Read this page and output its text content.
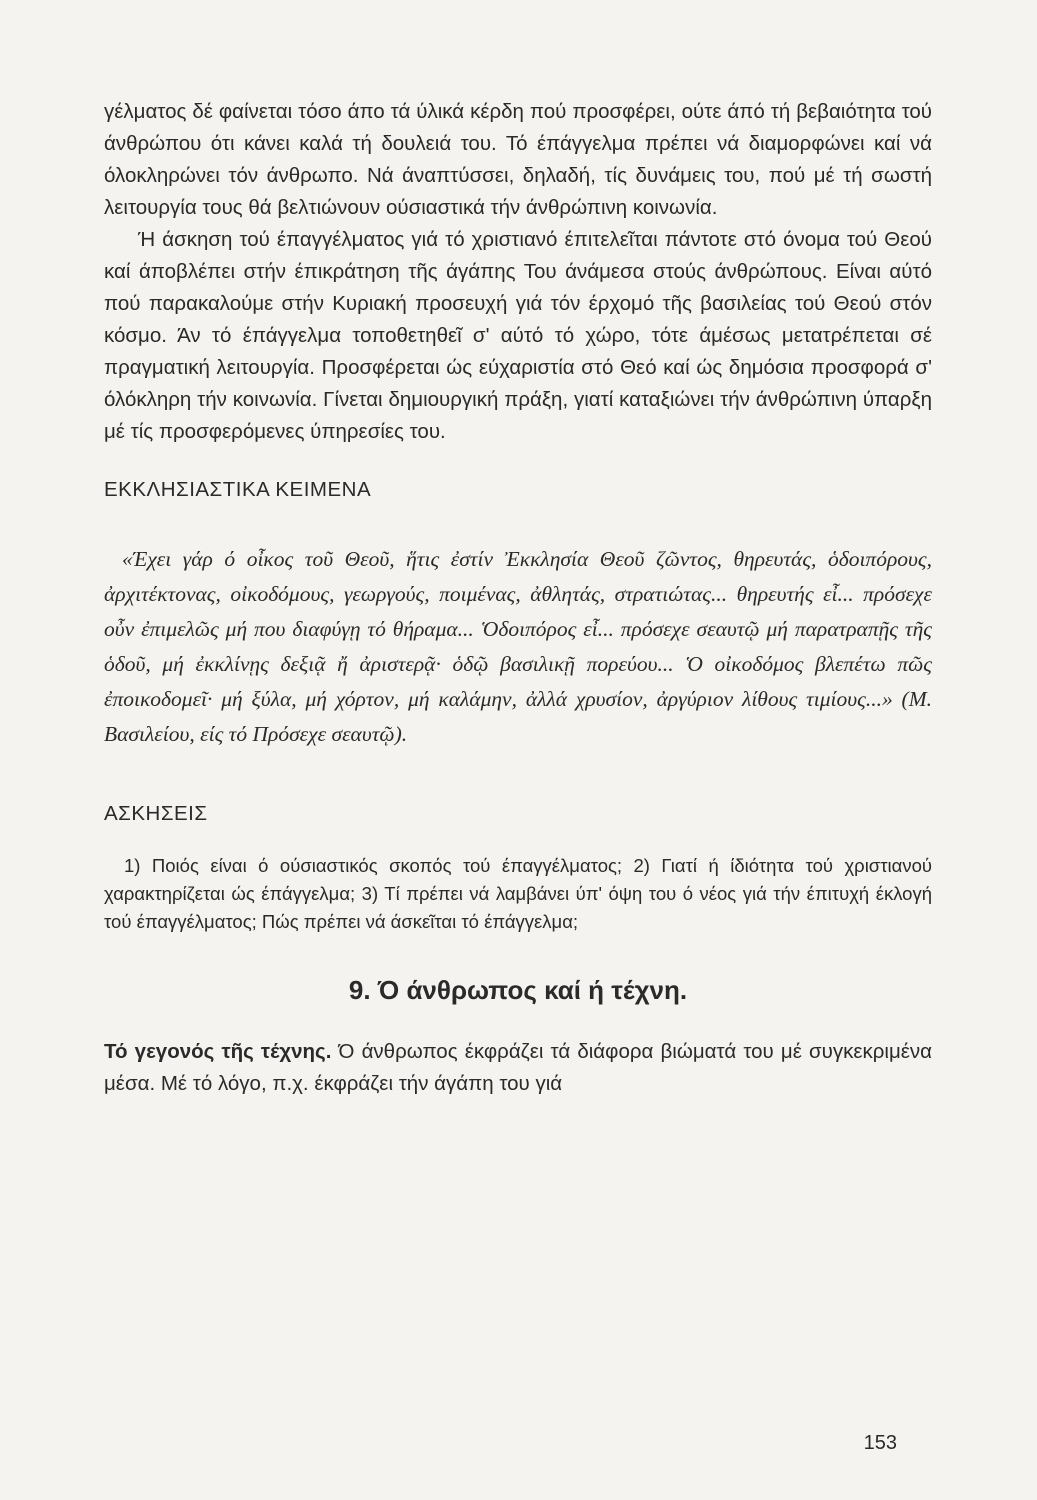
γέλματος δέ φαίνεται τόσο άπο τά ύλικά κέρδη πού προσφέρει, ούτε άπό τή βεβαιότητα τού άνθρώπου ότι κάνει καλά τή δουλειά του. Τό έπάγγελμα πρέπει νά διαμορφώνει καί νά όλοκληρώνει τόν άνθρωπο. Νά άναπτύσσει, δηλαδή, τίς δυνάμεις του, πού μέ τή σωστή λειτουργία τους θά βελτιώνουν ούσιαστικά τήν άνθρώπινη κοινωνία.

Ή άσκηση τού έπαγγέλματος γιά τό χριστιανό έπιτελεῖται πάντοτε στό όνομα τού Θεού καί άποβλέπει στήν έπικράτηση τῆς άγάπης Του άνάμεσα στούς άνθρώπους. Είναι αύτό πού παρακαλούμε στήν Κυριακή προσευχή γιά τόν έρχομό τῆς βασιλείας τού Θεού στόν κόσμο. Άν τό έπάγγελμα τοποθετηθεῖ σ' αύτό τό χώρο, τότε άμέσως μετατρέπεται σέ πραγματική λειτουργία. Προσφέρεται ώς εύχαριστία στό Θεό καί ώς δημόσια προσφορά σ' όλόκληρη τήν κοινωνία. Γίνεται δημιουργική πράξη, γιατί καταξιώνει τήν άνθρώπινη ύπαρξη μέ τίς προσφερόμενες ύπηρεσίες του.

ΕΚΚΛΗΣΙΑΣΤΙΚΑ ΚΕΙΜΕΝΑ

«Έχει γάρ ό οἶκος τοῦ Θεοῦ, ἥτις ἐστίν Ἐκκλησία Θεοῦ ζῶντος, θηρευτάς, ὁδοιπόρους, ἀρχιτέκτονας, οἰκοδόμους, γεωργούς, ποιμένας, ἀθλητάς, στρατιώτας... θηρευτής εἶ... πρόσεχε οὖν ἐπιμελῶς μή που διαφύγῃ τό θήραμα... Ὁδοιπόρος εἶ... πρόσεχε σεαυτῷ μή παρατραπῇς τῆς ὁδοῦ, μή ἐκκλίνῃς δεξιᾷ ἤ ἀριστερᾷ· ὁδῷ βασιλικῇ πορεύου... Ὁ οἰκοδόμος βλεπέτω πῶς ἐποικοδομεῖ· μή ξύλα, μή χόρτον, μή καλάμην, ἀλλά χρυσίον, ἀργύριον λίθους τιμίους...» (Μ. Βασιλείου, είς τό Πρόσεχε σεαυτῷ).

ΑΣΚΗΣΕΙΣ

1) Ποιός είναι ό ούσιαστικός σκοπός τού έπαγγέλματος; 2) Γιατί ή ίδιότητα τού χριστιανού χαρακτηρίζεται ώς έπάγγελμα; 3) Τί πρέπει νά λαμβάνει ύπ' όψη του ό νέος γιά τήν έπιτυχή έκλογή τού έπαγγέλματος; Πώς πρέπει νά άσκεῖται τό έπάγγελμα;

9. Ό άνθρωπος καί ή τέχνη.

Τό γεγονός τῆς τέχνης. Ό άνθρωπος έκφράζει τά διάφορα βιώματά του μέ συγκεκριμένα μέσα. Μέ τό λόγο, π.χ. έκφράζει τήν άγάπη του γιά

153
